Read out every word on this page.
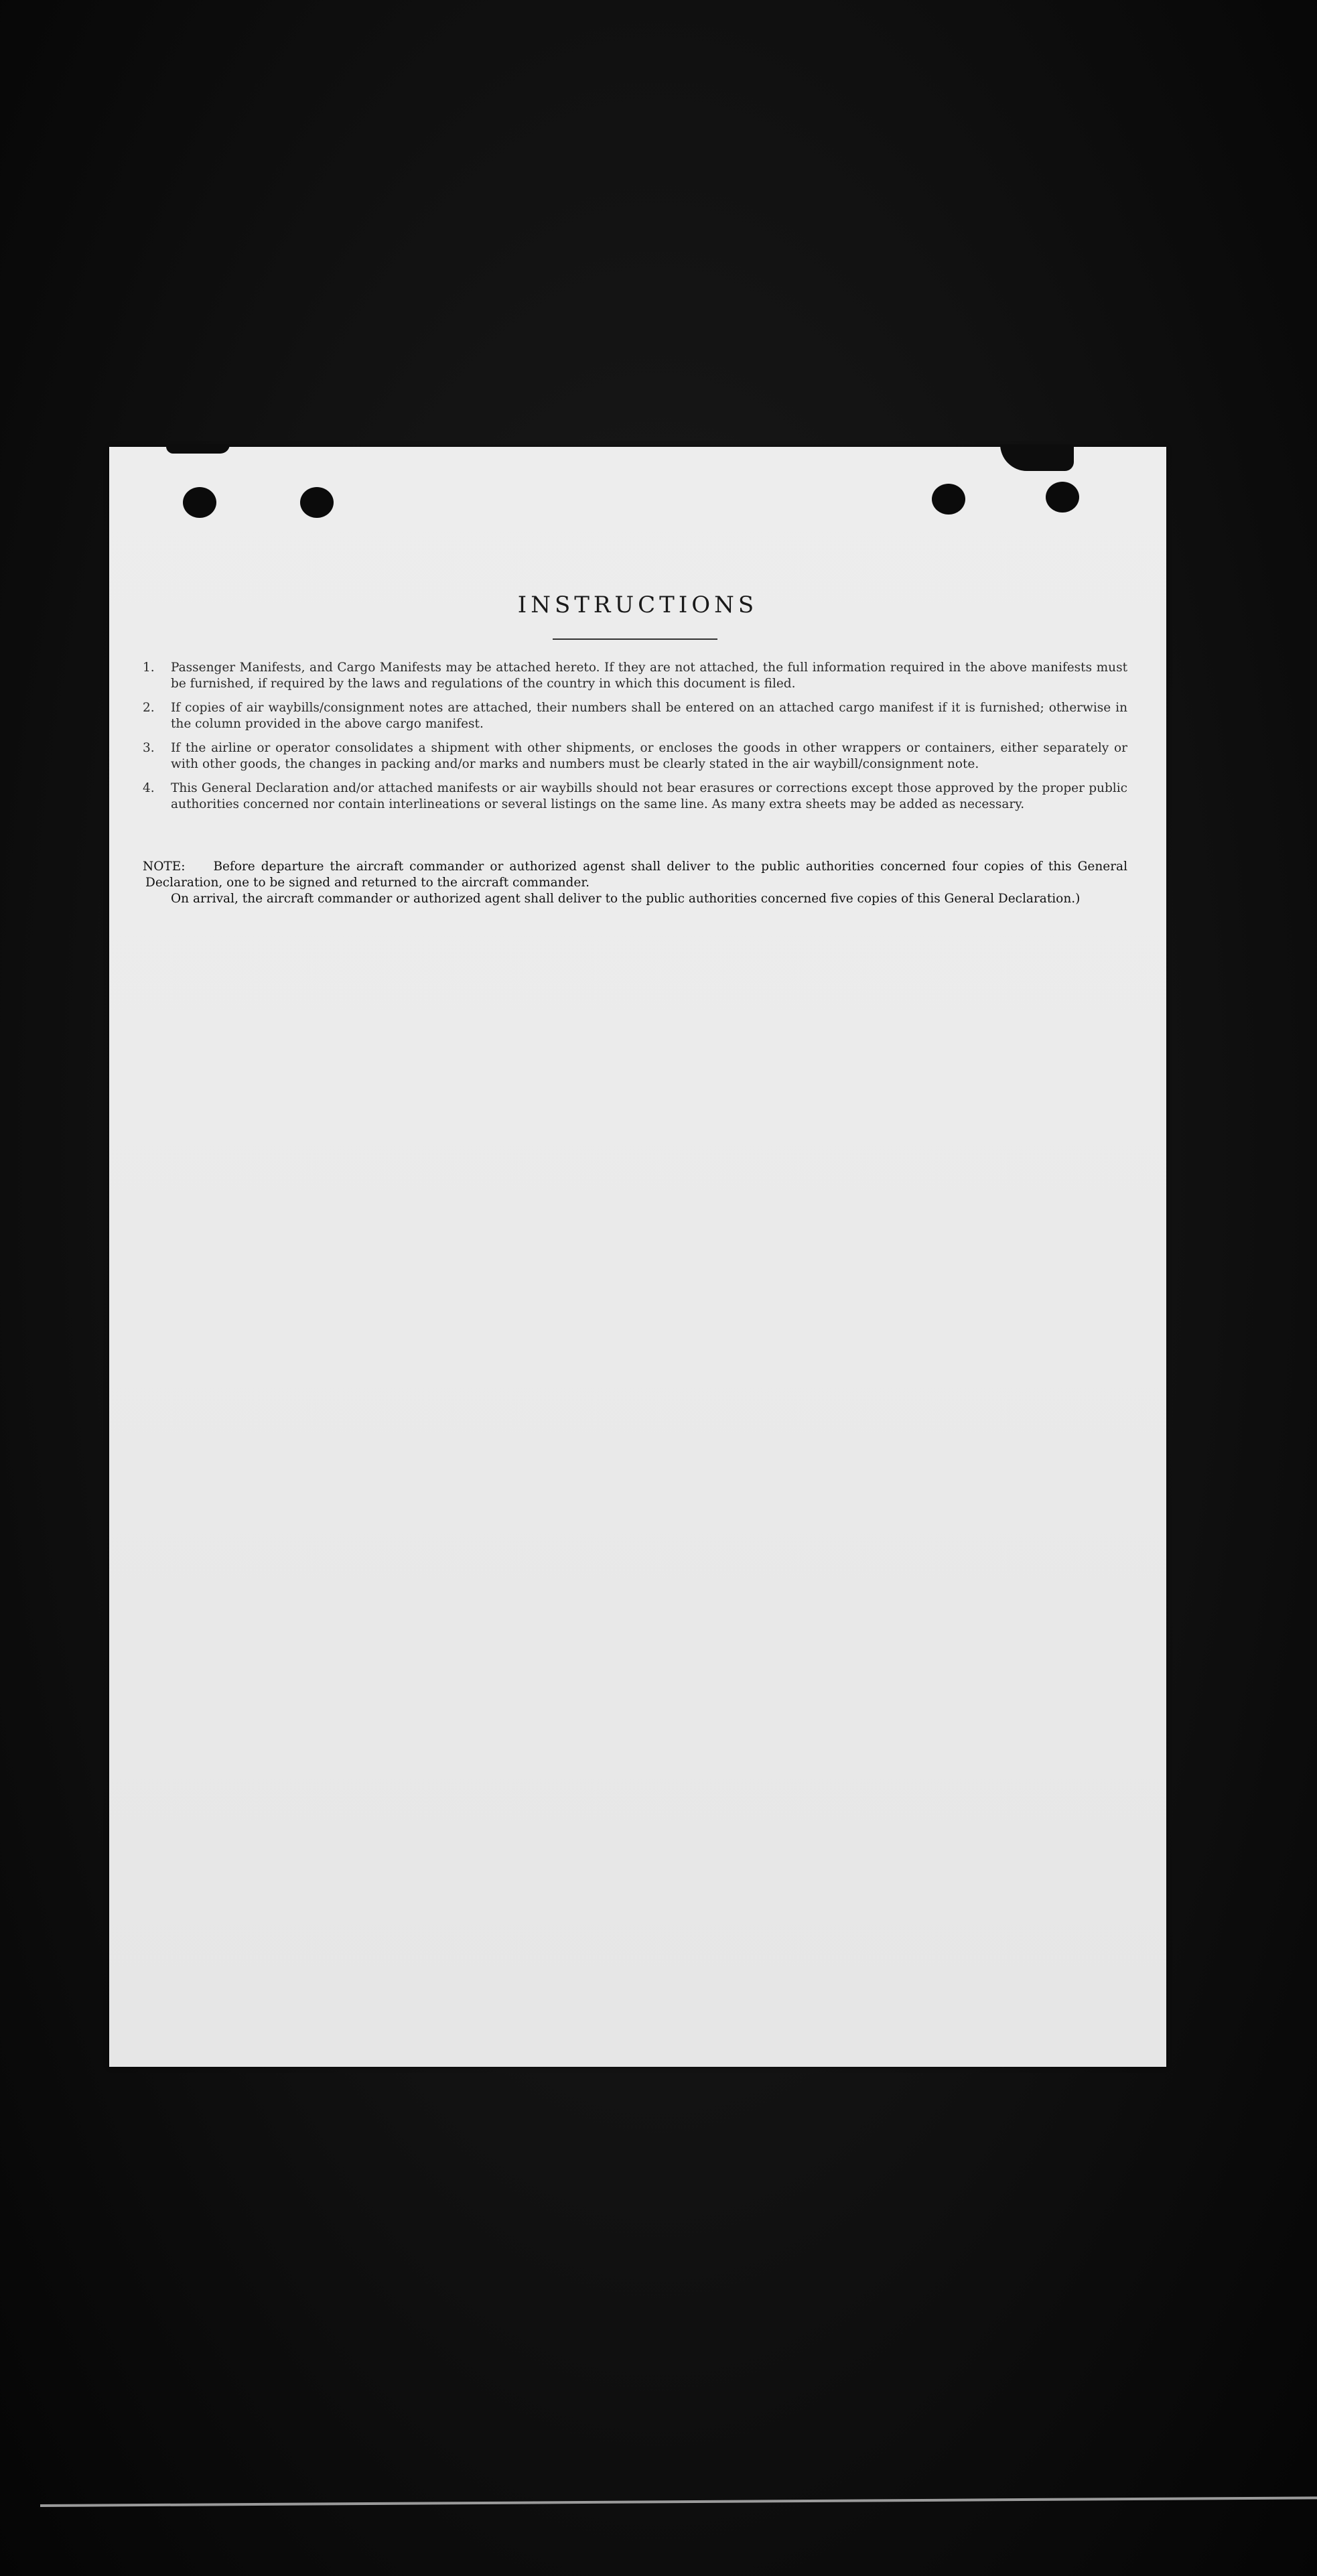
INSTRUCTIONS
1. Passenger Manifests, and Cargo Manifests may be attached hereto. If they are not attached, the full information required in the above manifests must be furnished, if required by the laws and regulations of the country in which this document is filed.
2. If copies of air waybills/consignment notes are attached, their numbers shall be entered on an attached cargo manifest if it is furnished; otherwise in the column provided in the above cargo manifest.
3. If the airline or operator consolidates a shipment with other shipments, or encloses the goods in other wrappers or containers, either separately or with other goods, the changes in packing and/or marks and numbers must be clearly stated in the air waybill/consignment note.
4. This General Declaration and/or attached manifests or air waybills should not bear erasures or corrections except those approved by the proper public authorities concerned nor contain interlineations or several listings on the same line. As many extra sheets may be added as necessary.
NOTE:	Before departure the aircraft commander or authorized agenst shall deliver to the public authorities concerned four copies of this General Declaration, one to be signed and returned to the aircraft commander.

On arrival, the aircraft commander or authorized agent shall deliver to the public authorities concerned five copies of this General Declaration.)
